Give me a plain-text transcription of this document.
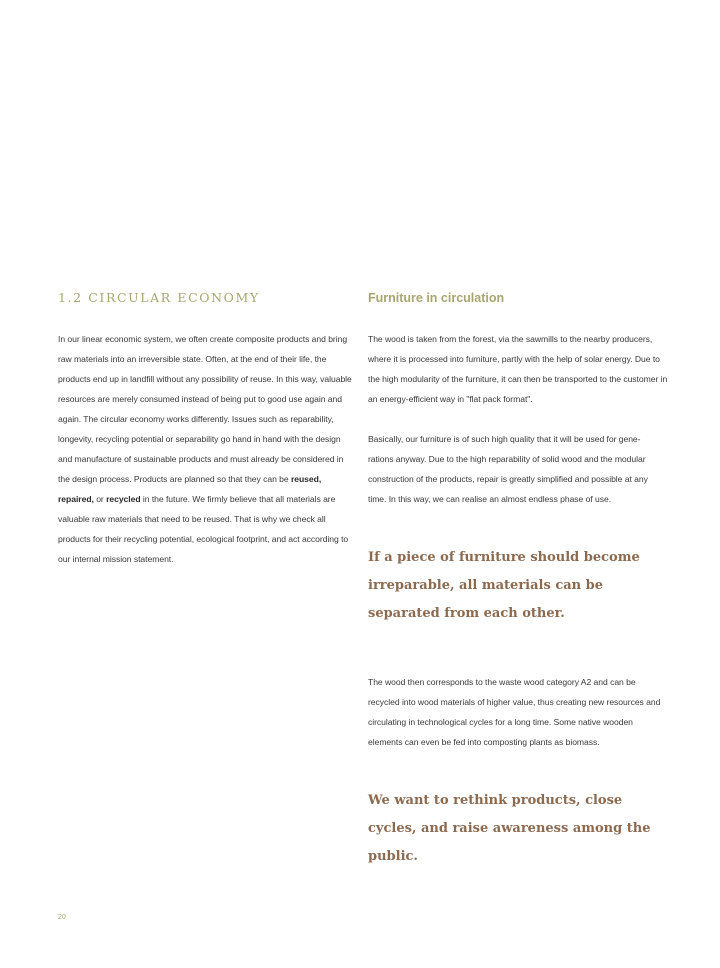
1.2 CIRCULAR ECONOMY

In our linear economic system, we often create composite products and bring raw materials into an irreversible state. Often, at the end of their life, the products end up in landfill without any possibility of reuse. In this way, valuable resources are merely consumed instead of being put to good use again and again. The circular economy works differently. Issues such as reparability, longevity, recycling potential or separability go hand in hand with the design and manufacture of sustainable products and must already be considered in the design process. Products are planned so that they can be reused, repaired, or recycled in the future. We firmly believe that all materials are valuable raw materials that need to be reused. That is why we check all products for their recycling potential, ecological footprint, and act according to our internal mission statement.

Furniture in circulation

The wood is taken from the forest, via the sawmills to the nearby producers, where it is processed into furniture, partly with the help of solar energy. Due to the high modularity of the furniture, it can then be transported to the customer in an energy-efficient way in "flat pack format".

Basically, our furniture is of such high quality that it will be used for gene- rations anyway. Due to the high reparability of solid wood and the modular construction of the products, repair is greatly simplified and possible at any time. In this way, we can realise an almost endless phase of use.

If a piece of furniture should become irreparable, all materials can be separated from each other.

The wood then corresponds to the waste wood category A2 and can be recycled into wood materials of higher value, thus creating new resources and circulating in technological cycles for a long time. Some native wooden elements can even be fed into composting plants as biomass.

We want to rethink products, close cycles, and raise awareness among the public.

20
